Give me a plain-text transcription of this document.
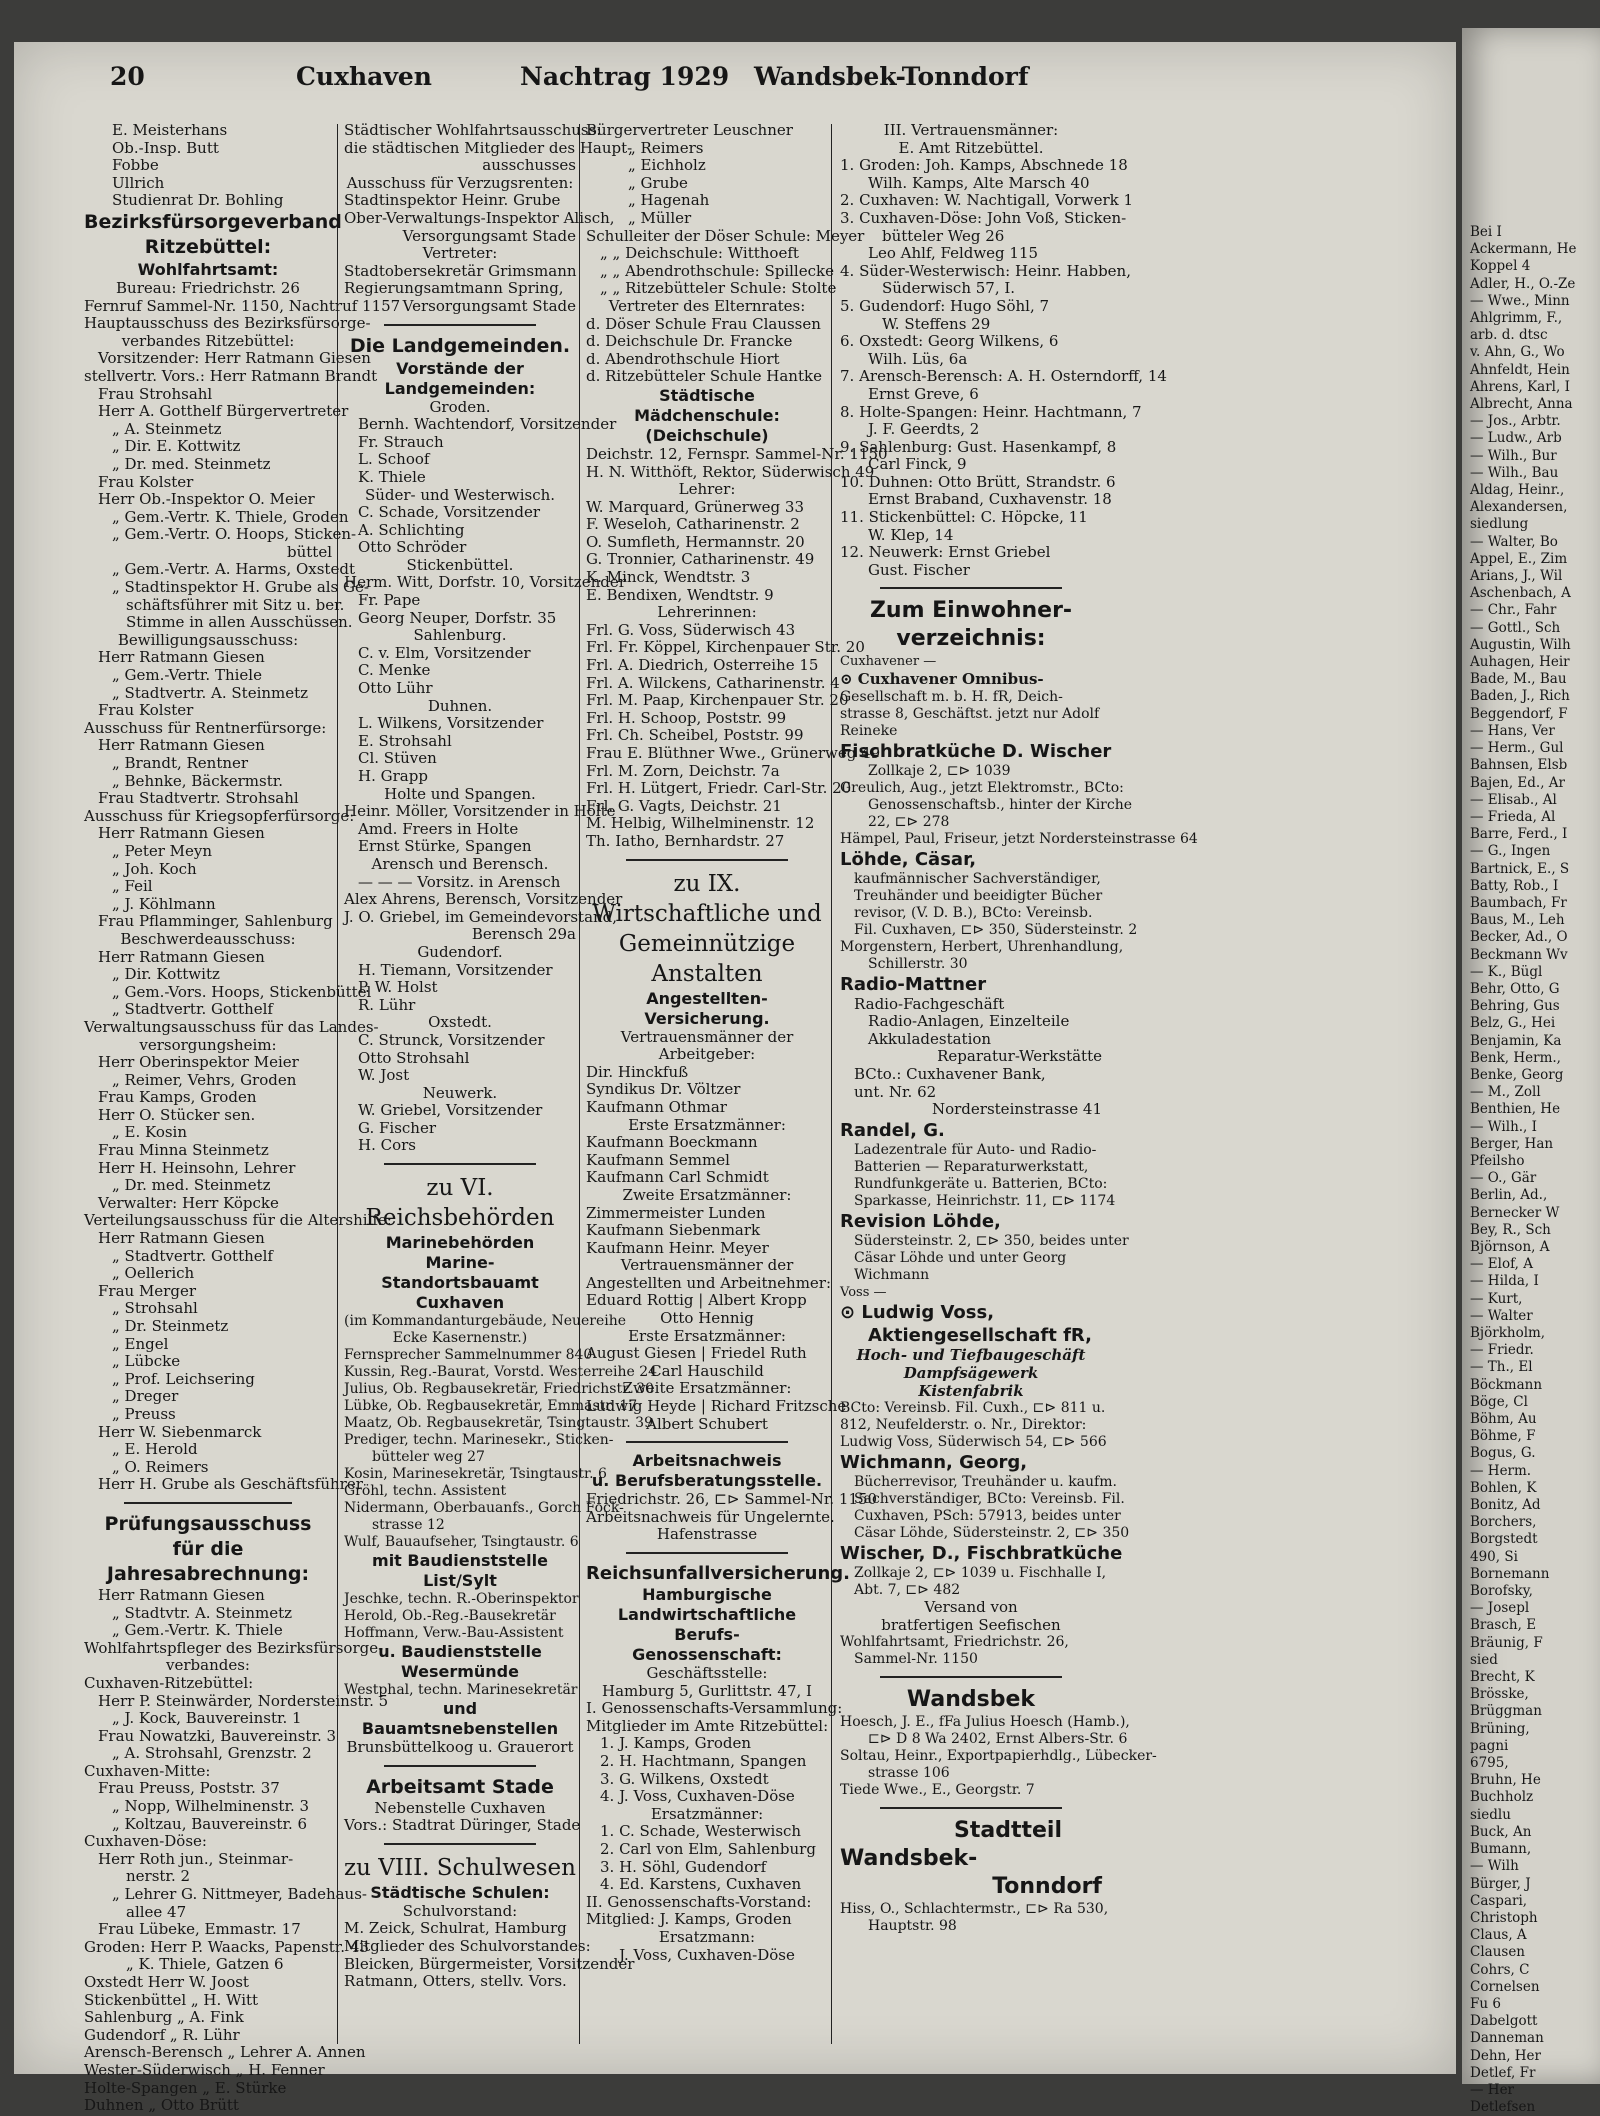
20	Cuxhaven	Nachtrag 1929 Wandsbek-Tonndorf
E. Meisterhans
Ob.-Insp. Butt
Fobbe
Ullrich
Studienrat Dr. Bohling
Bezirksfürsorgeverband
Ritzebüttel:
Wohlfahrtsamt:
Bureau: Friedrichstr. 26
Fernruf Sammel-Nr. 1150, Nachtruf 1157
Hauptausschuss des Bezirksfürsorge-
verbandes Ritzebüttel:
Vorsitzender: Herr Ratmann Giesen
stellvertr. Vors.: Herr Ratmann Brandt
Frau Strohsahl
Herr A. Gotthelf Bürgervertreter
„ A. Steinmetz
„ Dir. E. Kottwitz
„ Dr. med. Steinmetz
Frau Kolster
Herr Ob.-Inspektor O. Meier
„ Gem.-Vertr. K. Thiele, Groden
„ Gem.-Vertr. O. Hoops, Sticken-
büttel
„ Gem.-Vertr. A. Harms, Oxstedt
„ Stadtinspektor H. Grube als Ge-
schäftsführer mit Sitz u. ber.
Stimme in allen Ausschüssen.
Bewilligungsausschuss:
Herr Ratmann Giesen
„ Gem.-Vertr. Thiele
„ Stadtvertr. A. Steinmetz
Frau Kolster
Ausschuss für Rentnerfürsorge:
Herr Ratmann Giesen
„ Brandt, Rentner
„ Behnke, Bäckermstr.
Frau Stadtvertr. Strohsahl
Ausschuss für Kriegsopferfürsorge:
Herr Ratmann Giesen
„ Peter Meyn
„ Joh. Koch
„ Feil
„ J. Köhlmann
Frau Pflamminger, Sahlenburg
Beschwerdeausschuss:
Herr Ratmann Giesen
„ Dir. Kottwitz
„ Gem.-Vors. Hoops, Stickenbüttel
„ Stadtvertr. Gotthelf
Verwaltungsausschuss für das Landes-
versorgungsheim:
Herr Oberinspektor Meier
„ Reimer, Vehrs, Groden
Frau Kamps, Groden
Herr O. Stücker sen.
„ E. Kosin
Frau Minna Steinmetz
Herr H. Heinsohn, Lehrer
„ Dr. med. Steinmetz
Verwalter: Herr Köpcke
Verteilungsausschuss für die Altershilfe:
Herr Ratmann Giesen
„ Stadtvertr. Gotthelf
„ Oellerich
Frau Merger
„ Strohsahl
„ Dr. Steinmetz
„ Engel
„ Lübcke
„ Prof. Leichsering
„ Dreger
„ Preuss
Herr W. Siebenmarck
„ E. Herold
„ O. Reimers
Herr H. Grube als Geschäftsführer
Prüfungsausschuss
für die Jahresabrechnung:
Herr Ratmann Giesen
„ Stadtvtr. A. Steinmetz
„ Gem.-Vertr. K. Thiele
Wohlfahrtspfleger des Bezirksfürsorge-
verbandes:
Cuxhaven-Ritzebüttel:
Herr P. Steinwärder, Nordersteinstr. 5
„ J. Kock, Bauvereinstr. 1
Frau Nowatzki, Bauvereinstr. 3
„ A. Strohsahl, Grenzstr. 2
Cuxhaven-Mitte:
Frau Preuss, Poststr. 37
„ Nopp, Wilhelminenstr. 3
„ Koltzau, Bauvereinstr. 6
Cuxhaven-Döse:
Herr Roth jun., Steinmar-
nerstr. 2
„ Lehrer G. Nittmeyer, Badehaus-
allee 47
Frau Lübeke, Emmastr. 17
Groden: Herr P. Waacks, Papenstr. 43
„ K. Thiele, Gatzen 6
Oxstedt Herr W. Joost
Stickenbüttel „ H. Witt
Sahlenburg „ A. Fink
Gudendorf „ R. Lühr
Arensch-Berensch „ Lehrer A. Annen
Wester-Süderwisch „ H. Fenner
Holte-Spangen „ E. Stürke
Duhnen „ Otto Brütt
Städtischer Wohlfahrtsausschuss:
die städtischen Mitglieder des Haupt-
ausschusses
Ausschuss für Verzugsrenten:
Stadtinspektor Heinr. Grube
Ober-Verwaltungs-Inspektor Alisch,
Versorgungsamt Stade
Vertreter:
Stadtobersekretär Grimsmann
Regierungsamtmann Spring,
Versorgungsamt Stade
Die Landgemeinden.
Vorstände der Landgemeinden:
Groden.
Bernh. Wachtendorf, Vorsitzender
Fr. Strauch
L. Schoof
K. Thiele
Süder- und Westerwisch.
C. Schade, Vorsitzender
A. Schlichting
Otto Schröder
Stickenbüttel.
Herm. Witt, Dorfstr. 10, Vorsitzender
Fr. Pape
Georg Neuper, Dorfstr. 35
Sahlenburg.
C. v. Elm, Vorsitzender
C. Menke
Otto Lühr
Duhnen.
L. Wilkens, Vorsitzender
E. Strohsahl
Cl. Stüven
H. Grapp
Holte und Spangen.
Heinr. Möller, Vorsitzender in Holte
Amd. Freers in Holte
Ernst Stürke, Spangen
Arensch und Berensch.
— — — Vorsitz. in Arensch
Alex Ahrens, Berensch, Vorsitzender
J. O. Griebel, im Gemeindevorstand,
Berensch 29a
Gudendorf.
H. Tiemann, Vorsitzender
P. W. Holst
R. Lühr
Oxstedt.
C. Strunck, Vorsitzender
Otto Strohsahl
W. Jost
Neuwerk.
W. Griebel, Vorsitzender
G. Fischer
H. Cors
zu VI. Reichsbehörden
Marinebehörden
Marine-
Standortsbauamt Cuxhaven
(im Kommandanturgebäude, Neuereihe
Ecke Kasernenstr.)
Fernsprecher Sammelnummer 840
Kussin, Reg.-Baurat, Vorstd. Westerreihe 24
Julius, Ob. Regbausekretär, Friedrichstr. 30
Lübke, Ob. Regbausekretär, Emmastr. 17
Maatz, Ob. Regbausekretär, Tsingtaustr. 39
Prediger, techn. Marinesekr., Sticken-
bütteler weg 27
Kosin, Marinesekretär, Tsingtaustr. 6
Gröhl, techn. Assistent
Nidermann, Oberbauanfs., Gorch Fock-
strasse 12
Wulf, Bauaufseher, Tsingtaustr. 6
mit Baudienststelle List/Sylt
Jeschke, techn. R.-Oberinspektor
Herold, Ob.-Reg.-Bausekretär
Hoffmann, Verw.-Bau-Assistent
u. Baudienststelle Wesermünde
Westphal, techn. Marinesekretär
und Bauamtsnebenstellen
Brunsbüttelkoog u. Grauerort
Arbeitsamt Stade
Nebenstelle Cuxhaven
Vors.: Stadtrat Düringer, Stade
zu VIII. Schulwesen
Städtische Schulen:
Schulvorstand:
M. Zeick, Schulrat, Hamburg
Mitglieder des Schulvorstandes:
Bleicken, Bürgermeister, Vorsitzender
Ratmann, Otters, stellv. Vors.
Bürgervertreter Leuschner
„ Reimers
„ Eichholz
„ Grube
„ Hagenah
„ Müller
Schulleiter der Döser Schule: Meyer
„ „ Deichschule: Witthoeft
„ „ Abendrothschule: Spillecke
„ „ Ritzebütteler Schule: Stolte
Vertreter des Elternrates:
d. Döser Schule Frau Claussen
d. Deichschule Dr. Francke
d. Abendrothschule Hiort
d. Ritzebütteler Schule Hantke
Städtische Mädchenschule:
(Deichschule)
Deichstr. 12, Fernspr. Sammel-Nr. 1150
H. N. Witthöft, Rektor, Süderwisch 49
Lehrer:
W. Marquard, Grünerweg 33
F. Weseloh, Catharinenstr. 2
O. Sumfleth, Hermannstr. 20
G. Tronnier, Catharinenstr. 49
K. Minck, Wendtstr. 3
E. Bendixen, Wendtstr. 9
Lehrerinnen:
Frl. G. Voss, Süderwisch 43
Frl. Fr. Köppel, Kirchenpauer Str. 20
Frl. A. Diedrich, Osterreihe 15
Frl. A. Wilckens, Catharinenstr. 4
Frl. M. Paap, Kirchenpauer Str. 20
Frl. H. Schoop, Poststr. 99
Frl. Ch. Scheibel, Poststr. 99
Frau E. Blüthner Wwe., Grünerweg 49
Frl. M. Zorn, Deichstr. 7a
Frl. H. Lütgert, Friedr. Carl-Str. 20
Frl. G. Vagts, Deichstr. 21
M. Helbig, Wilhelminenstr. 12
Th. Iatho, Bernhardstr. 27
zu IX. Wirtschaftliche und
Gemeinnützige Anstalten
Angestellten-Versicherung.
Vertrauensmänner der
Arbeitgeber:
Dir. Hinckfuß
Syndikus Dr. Völtzer
Kaufmann Othmar
Erste Ersatzmänner:
Kaufmann Boeckmann
Kaufmann Semmel
Kaufmann Carl Schmidt
Zweite Ersatzmänner:
Zimmermeister Lunden
Kaufmann Siebenmark
Kaufmann Heinr. Meyer
Vertrauensmänner der
Angestellten und Arbeitnehmer:
Eduard Rottig | Albert Kropp
Otto Hennig
Erste Ersatzmänner:
August Giesen | Friedel Ruth
Carl Hauschild
Zweite Ersatzmänner:
Ludwig Heyde | Richard Fritzsche
Albert Schubert
Arbeitsnachweis
u. Berufsberatungsstelle.
Friedrichstr. 26, ⊏⊳ Sammel-Nr. 1150
Arbeitsnachweis für Ungelernte.
Hafenstrasse
Reichsunfallversicherung.
Hamburgische
Landwirtschaftliche Berufs-
Genossenschaft:
Geschäftsstelle:
Hamburg 5, Gurlittstr. 47, I
I. Genossenschafts-Versammlung:
Mitglieder im Amte Ritzebüttel:
1. J. Kamps, Groden
2. H. Hachtmann, Spangen
3. G. Wilkens, Oxstedt
4. J. Voss, Cuxhaven-Döse
Ersatzmänner:
1. C. Schade, Westerwisch
2. Carl von Elm, Sahlenburg
3. H. Söhl, Gudendorf
4. Ed. Karstens, Cuxhaven
II. Genossenschafts-Vorstand:
Mitglied: J. Kamps, Groden
Ersatzmann:
J. Voss, Cuxhaven-Döse
III. Vertrauensmänner:
E. Amt Ritzebüttel.
1. Groden: Joh. Kamps, Abschnede 18
Wilh. Kamps, Alte Marsch 40
2. Cuxhaven: W. Nachtigall, Vorwerk 1
3. Cuxhaven-Döse: John Voß, Sticken-
bütteler Weg 26
Leo Ahlf, Feldweg 115
4. Süder-Westerwisch: Heinr. Habben,
Süderwisch 57, I.
5. Gudendorf: Hugo Söhl, 7
W. Steffens 29
6. Oxstedt: Georg Wilkens, 6
Wilh. Lüs, 6a
7. Arensch-Berensch: A. H. Osterndorff, 14
Ernst Greve, 6
8. Holte-Spangen: Heinr. Hachtmann, 7
J. F. Geerdts, 2
9. Sahlenburg: Gust. Hasenkampf, 8
Carl Finck, 9
10. Duhnen: Otto Brütt, Strandstr. 6
Ernst Braband, Cuxhavenstr. 18
11. Stickenbüttel: C. Höpcke, 11
W. Klep, 14
12. Neuwerk: Ernst Griebel
Gust. Fischer
Zum Einwohner-
verzeichnis:
Cuxhavener —
⊙ Cuxhavener Omnibus-
Gesellschaft m. b. H. fR, Deich-
strasse 8, Geschäftst. jetzt nur Adolf
Reineke
Fischbratküche D. Wischer
Zollkaje 2, ⊏⊳ 1039
Greulich, Aug., jetzt Elektromstr., BCto:
Genossenschaftsb., hinter der Kirche
22, ⊏⊳ 278
Hämpel, Paul, Friseur, jetzt Nordersteinstrasse 64
Löhde, Cäsar,
kaufmännischer Sachverständiger,
Treuhänder und beeidigter Bücher
revisor, (V. D. B.), BCto: Vereinsb.
Fil. Cuxhaven, ⊏⊳ 350, Südersteinstr. 2
Morgenstern, Herbert, Uhrenhandlung,
Schillerstr. 30
Radio-Mattner
Radio-Fachgeschäft
Radio-Anlagen, Einzelteile
Akkuladestation
Reparatur-Werkstätte
BCto.: Cuxhavener Bank,
unt. Nr. 62
Nordersteinstrasse 41
Randel, G.
Ladezentrale für Auto- und Radio-
Batterien — Reparaturwerkstatt,
Rundfunkgeräte u. Batterien, BCto:
Sparkasse, Heinrichstr. 11, ⊏⊳ 1174
Revision Löhde,
Südersteinstr. 2, ⊏⊳ 350, beides unter
Cäsar Löhde und unter Georg
Wichmann
Voss —
⊙ Ludwig Voss,
Aktiengesellschaft fR,
Hoch- und Tiefbaugeschäft
Dampfsägewerk
Kistenfabrik
BCto: Vereinsb. Fil. Cuxh., ⊏⊳ 811 u.
812, Neufelderstr. o. Nr., Direktor:
Ludwig Voss, Süderwisch 54, ⊏⊳ 566
Wichmann, Georg,
Bücherrevisor, Treuhänder u. kaufm.
Sachverständiger, BCto: Vereinsb. Fil.
Cuxhaven, PSch: 57913, beides unter
Cäsar Löhde, Südersteinstr. 2, ⊏⊳ 350
Wischer, D., Fischbratküche
Zollkaje 2, ⊏⊳ 1039 u. Fischhalle I,
Abt. 7, ⊏⊳ 482
Versand von
bratfertigen Seefischen
Wohlfahrtsamt, Friedrichstr. 26,
Sammel-Nr. 1150
Wandsbek
Hoesch, J. E., fFa Julius Hoesch (Hamb.),
⊏⊳ D 8 Wa 2402, Ernst Albers-Str. 6
Soltau, Heinr., Exportpapierhdlg., Lübecker-
strasse 106
Tiede Wwe., E., Georgstr. 7
Stadtteil
Wandsbek-
Tonndorf
Hiss, O., Schlachtermstr., ⊏⊳ Ra 530,
Hauptstr. 98
Bei I
Ackermann, He
Koppel 4
Adler, H., O.-Ze
— Wwe., Minn
Ahlgrimm, F.,
arb. d. dtsc
v. Ahn, G., Wo
Ahnfeldt, Hein
Ahrens, Karl, I
Albrecht, Anna
— Jos., Arbtr.
— Ludw., Arb
— Wilh., Bur
— Wilh., Bau
Aldag, Heinr.,
Alexandersen,
siedlung
— Walter, Bo
Appel, E., Zim
Arians, J., Wil
Aschenbach, A
— Chr., Fahr
— Gottl., Sch
Augustin, Wilh
Auhagen, Heir
Bade, M., Bau
Baden, J., Rich
Beggendorf, F
— Hans, Ver
— Herm., Gul
Bahnsen, Elsb
Bajen, Ed., Ar
— Elisab., Al
— Frieda, Al
Barre, Ferd., I
— G., Ingen
Bartnick, E., S
Batty, Rob., I
Baumbach, Fr
Baus, M., Leh
Becker, Ad., O
Beckmann Wv
— K., Bügl
Behr, Otto, G
Behring, Gus
Belz, G., Hei
Benjamin, Ka
Benk, Herm.,
Benke, Georg
— M., Zoll
Benthien, He
— Wilh., I
Berger, Han
Pfeilsho
— O., Gär
Berlin, Ad.,
Bernecker W
Bey, R., Sch
Björnson, A
— Elof, A
— Hilda, I
— Kurt,
— Walter
Björkholm,
— Friedr.
— Th., El
Böckmann
Böge, Cl
Böhm, Au
Böhme, F
Bogus, G.
— Herm.
Bohlen, K
Bonitz, Ad
Borchers,
Borgstedt
490, Si
Bornemann
Borofsky,
— Josepl
Brasch, E
Bräunig, F
sied
Brecht, K
Brösske,
Brüggman
Brüning,
pagni
6795,
Bruhn, He
Buchholz
siedlu
Buck, An
Bumann,
— Wilh
Bürger, J
Caspari,
Christoph
Claus, A
Clausen
Cohrs, C
Cornelsen
Fu 6
Dabelgott
Danneman
Dehn, Her
Detlef, Fr
— Her
Detlefsen
